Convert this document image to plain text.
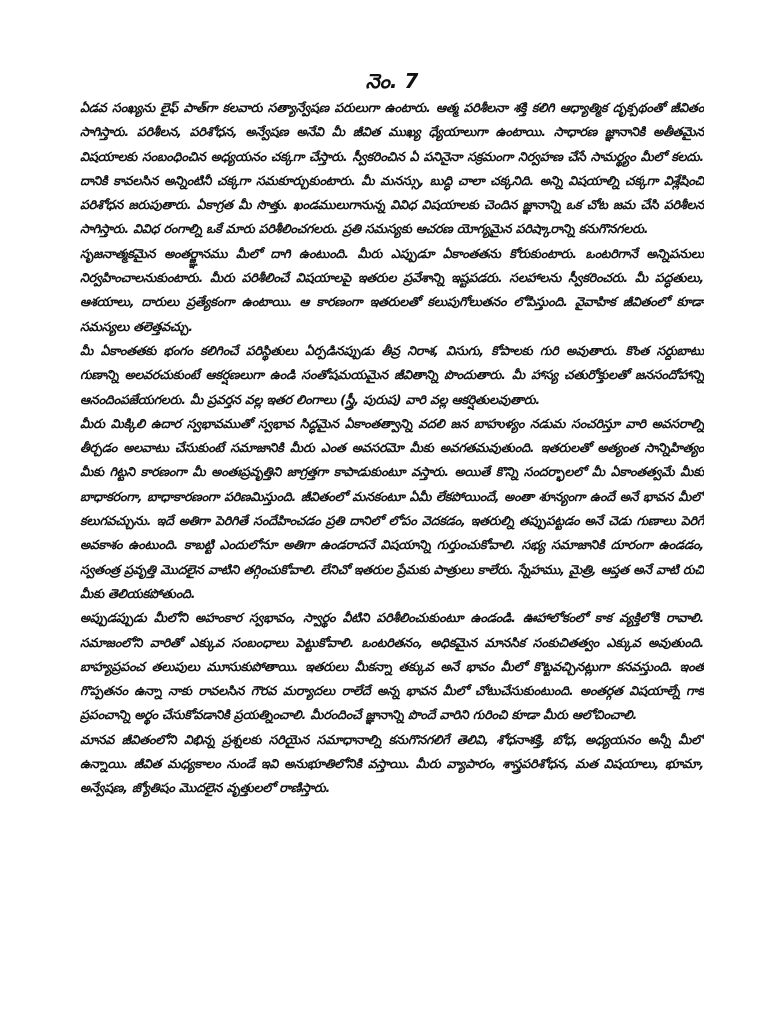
నెం. 7

ఏడవ సంఖ్యను లైఫ్ పాత్‌గా కలవారు సత్యాన్వేషణ పరులుగా ఉంటారు. ఆత్మ పరిశీలనా శక్తి కలిగి ఆధ్యాత్మిక దృక్పథంతో జీవితం సాగిస్తారు. పరిశీలన, పరిశోధన, అన్వేషణ అనేవి మీ జీవిత ముఖ్య ధ్యేయాలుగా ఉంటాయి. సాధారణ జ్ఞానానికి అతీతమైన విషయాలకు సంబంధించిన అధ్యయనం చక్కగా చేస్తారు. స్వీకరించిన ఏ పనినైనా సక్రమంగా నిర్వహణ చేసే సామర్థ్యం మీలో కలదు. దానికి కావలసిన అన్నింటినీ చక్కగా సమకూర్చుకుంటారు. మీ మనస్సు, బుద్ధి చాలా చక్కనిది. అన్ని విషయాల్ని చక్కగా విశ్లేషించి పరిశోధన జరుపుతారు. ఏకాగ్రత మీ సొత్తు. ఖండములుగానున్న వివిధ విషయాలకు చెందిన జ్ఞానాన్ని ఒక చోట జమ చేసి పరిశీలన సాగిస్తారు. వివిధ రంగాల్ని ఒకే మారు పరిశీలించగలరు. ప్రతి సమస్యకు ఆచరణ యోగ్యమైన పరిష్కారాన్ని కనుగొనగలరు.

సృజనాత్మకమైన అంతర్జ్ఞానము మీలో దాగి ఉంటుంది. మీరు ఎప్పుడూ ఏకాంతతను కోరుకుంటారు. ఒంటరిగానే అన్నిపనులు నిర్వహించాలనుకుంటారు. మీరు పరిశీలించే విషయాలపై ఇతరుల ప్రవేశాన్ని ఇష్టపడరు. సలహాలను స్వీకరించరు. మీ పద్ధతులు, ఆశయాలు, దారులు ప్రత్యేకంగా ఉంటాయి. ఆ కారణంగా ఇతరులతో కలుపుగోలుతనం లోపిస్తుంది. వైవాహిక జీవితంలో కూడా సమస్యలు తలెత్తవచ్చు.

మీ ఏకాంతతకు భంగం కలిగించే పరిస్థితులు ఏర్పడినప్పుడు తీవ్ర నిరాశ, విసుగు, కోపాలకు గురి అవుతారు. కొంత సర్దుబాటు గుణాన్ని అలవరచుకుంటే ఆకర్షణలుగా ఉండి సంతోషమయమైన జీవితాన్ని పొందుతారు. మీ హాస్య చతురోక్తులతో జనసందోహాన్ని ఆనందింపజేయగలరు. మీ ప్రవర్తన వల్ల ఇతర లింగాలు (స్త్రీ, పురుష) వారి వల్ల ఆకర్షితులవుతారు.

మీరు మిక్కిలి ఉదార స్వభావముతో స్వభావ సిద్ధమైన ఏకాంతత్వాన్ని వదలి జన బాహుళ్యం నడుమ సంచరిస్తూ వారి అవసరాల్ని తీర్చడం అలవాటు చేసుకుంటే సమాజానికి మీరు ఎంత అవసరమో మీకు అవగతమవుతుంది. ఇతరులతో అత్యంత సాన్నిహిత్యం మీకు గిట్టని కారణంగా మీ అంతఃప్రవృత్తిని జాగ్రత్తగా కాపాడుకుంటూ వస్తారు. అయితే కొన్ని సందర్భాలలో మీ ఏకాంతత్వమే మీకు బాధాకరంగా, బాధాకారణంగా పరిణమిస్తుంది. జీవితంలో మనకంటూ ఏమీ లేకపోయిందే, అంతా శూన్యంగా ఉందే అనే భావన మీలో కలుగవచ్చును. ఇదే అతిగా పెరిగితే సందేహించడం ప్రతి దానిలో లోపం వెదకడం, ఇతరుల్ని తప్పుపట్టడం అనే చెడు గుణాలు పెరిగే అవకాశం ఉంటుంది. కాబట్టి ఎందులోనూ అతిగా ఉండరాదనే విషయాన్ని గుర్తుంచుకోవాలి. సభ్య సమాజానికి దూరంగా ఉండడం, స్వతంత్ర ప్రవృత్తి మొదలైన వాటిని తగ్గించుకోవాలి. లేనిచో ఇతరుల ప్రేమకు పాత్రులు కాలేరు. స్నేహము, మైత్రి, ఆప్తత అనే వాటి రుచి మీకు తెలియకపోతుంది.

అప్పుడప్పుడు మీలోని అహంకార స్వభావం, స్వార్థం వీటిని పరిశీలించుకుంటూ ఉండండి. ఊహాలోకంలో కాక వ్యక్తిలోకి రావాలి. సమాజంలోని వారితో ఎక్కువ సంబంధాలు పెట్టుకోవాలి. ఒంటరితనం, అధికమైన మానసిక సంకుచితత్వం ఎక్కువ అవుతుంది. బాహ్యప్రపంచ తలుపులు మూసుకుపోతాయి. ఇతరులు మీకన్నా తక్కువ అనే భావం మీలో కొట్టవచ్చినట్లుగా కనవస్తుంది. ఇంత గొప్పతనం ఉన్నా నాకు రావలసిన గౌరవ మర్యాదలు రాలేదే అన్న భావన మీలో చోటుచేసుకుంటుంది. అంతర్గత విషయాల్నే గాక ప్రపంచాన్ని అర్థం చేసుకోవడానికి ప్రయత్నించాలి. మీరందించే జ్ఞానాన్ని పొందే వారిని గురించి కూడా మీరు ఆలోచించాలి.

మానవ జీవితంలోని విభిన్న ప్రశ్నలకు సరియైన సమాధానాల్ని కనుగొనగలిగే తెలివి, శోధనాశక్తి, బోధ, అధ్యయనం అన్నీ మీలో ఉన్నాయి. జీవిత మధ్యకాలం నుండే ఇవి అనుభూతిలోనికి వస్తాయి. మీరు వ్యాపారం, శాస్త్రపరిశోధన, మత విషయాలు, భూమా, అన్వేషణ, జ్యోతిషం మొదలైన వృత్తులలో రాణిస్తారు.
